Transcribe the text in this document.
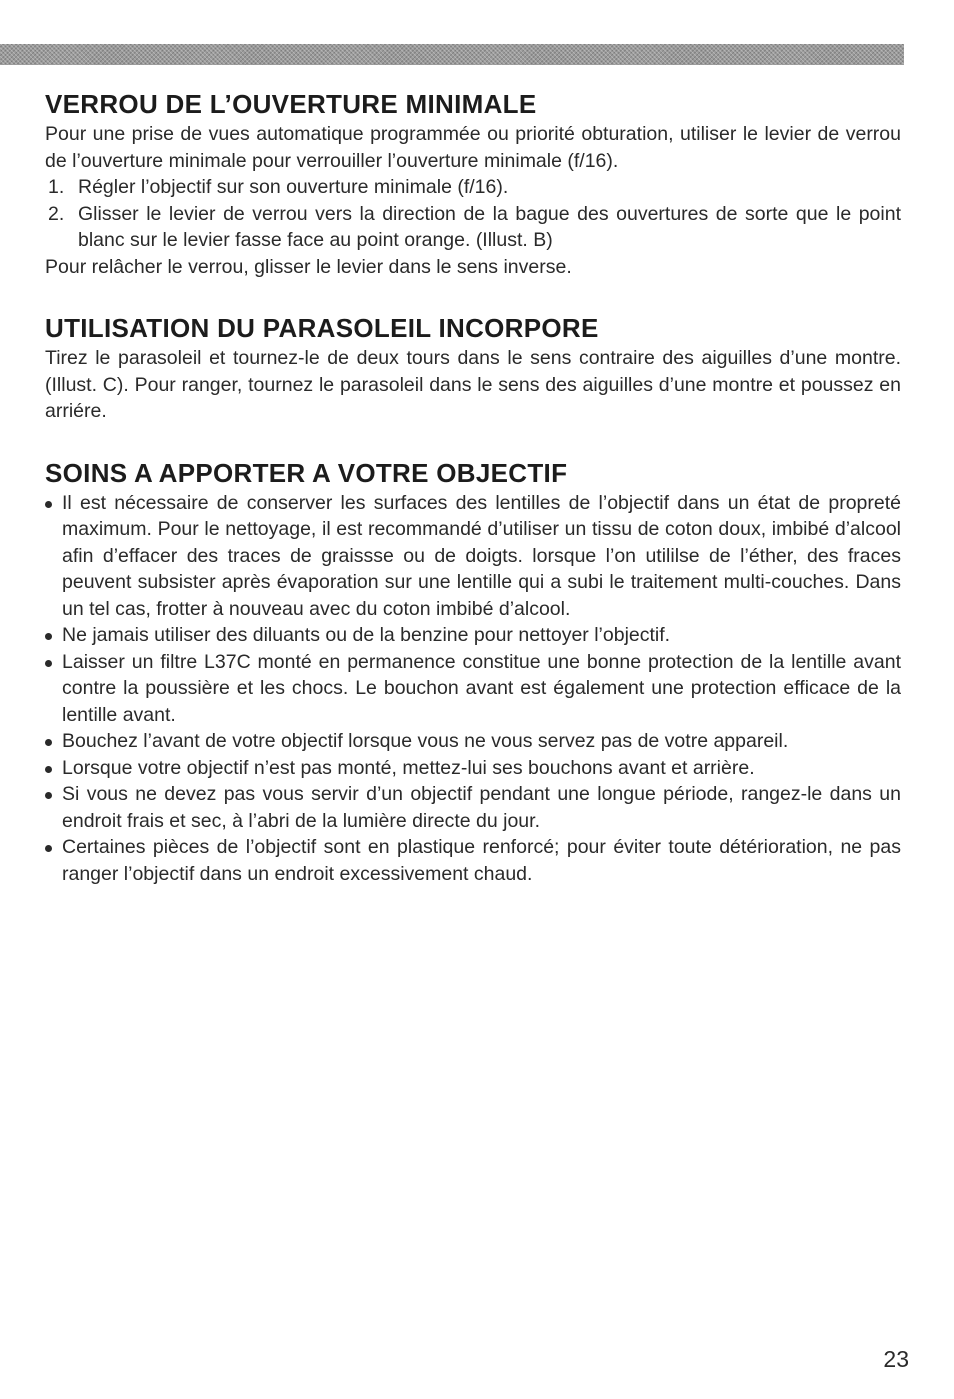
VERROU DE L’OUVERTURE MINIMALE

Pour une prise de vues automatique programmée ou priorité obturation, utiliser le levier de verrou de l’ouverture minimale pour verrouiller l’ouverture minimale (f/16).

1. Régler l’objectif sur son ouverture minimale (f/16).
2. Glisser le levier de verrou vers la direction de la bague des ouvertures de sorte que le point blanc sur le levier fasse face au point orange. (Illust. B)

Pour relâcher le verrou, glisser le levier dans le sens inverse.

UTILISATION DU PARASOLEIL INCORPORE

Tirez le parasoleil et tournez-le de deux tours dans le sens contraire des aiguilles d’une montre. (Illust. C). Pour ranger, tournez le parasoleil dans le sens des aiguilles d’une montre et poussez en arriére.

SOINS A APPORTER A VOTRE OBJECTIF
Il est nécessaire de conserver les surfaces des lentilles de l’objectif dans un état de propreté maximum. Pour le nettoyage, il est recommandé d’utiliser un tissu de coton doux, imbibé d’alcool afin d’effacer des traces de graissse ou de doigts. lorsque l’on utililse de l’éther, des fraces peuvent subsister après évaporation sur une lentille qui a subi le traitement multi-couches. Dans un tel cas, frotter à nouveau avec du coton imbibé d’alcool.
Ne jamais utiliser des diluants ou de la benzine pour nettoyer l’objectif.
Laisser un filtre L37C monté en permanence constitue une bonne protection de la lentille avant contre la poussière et les chocs. Le bouchon avant est également une protection efficace de la lentille avant.
Bouchez l’avant de votre objectif lorsque vous ne vous servez pas de votre appareil.
Lorsque votre objectif n’est pas monté, mettez-lui ses bouchons avant et arrière.
Si vous ne devez pas vous servir d’un objectif pendant une longue période, rangez-le dans un endroit frais et sec, à l’abri de la lumière directe du jour.
Certaines pièces de l’objectif sont en plastique renforcé; pour éviter toute détérioration, ne pas ranger l’objectif dans un endroit excessivement chaud.
23
